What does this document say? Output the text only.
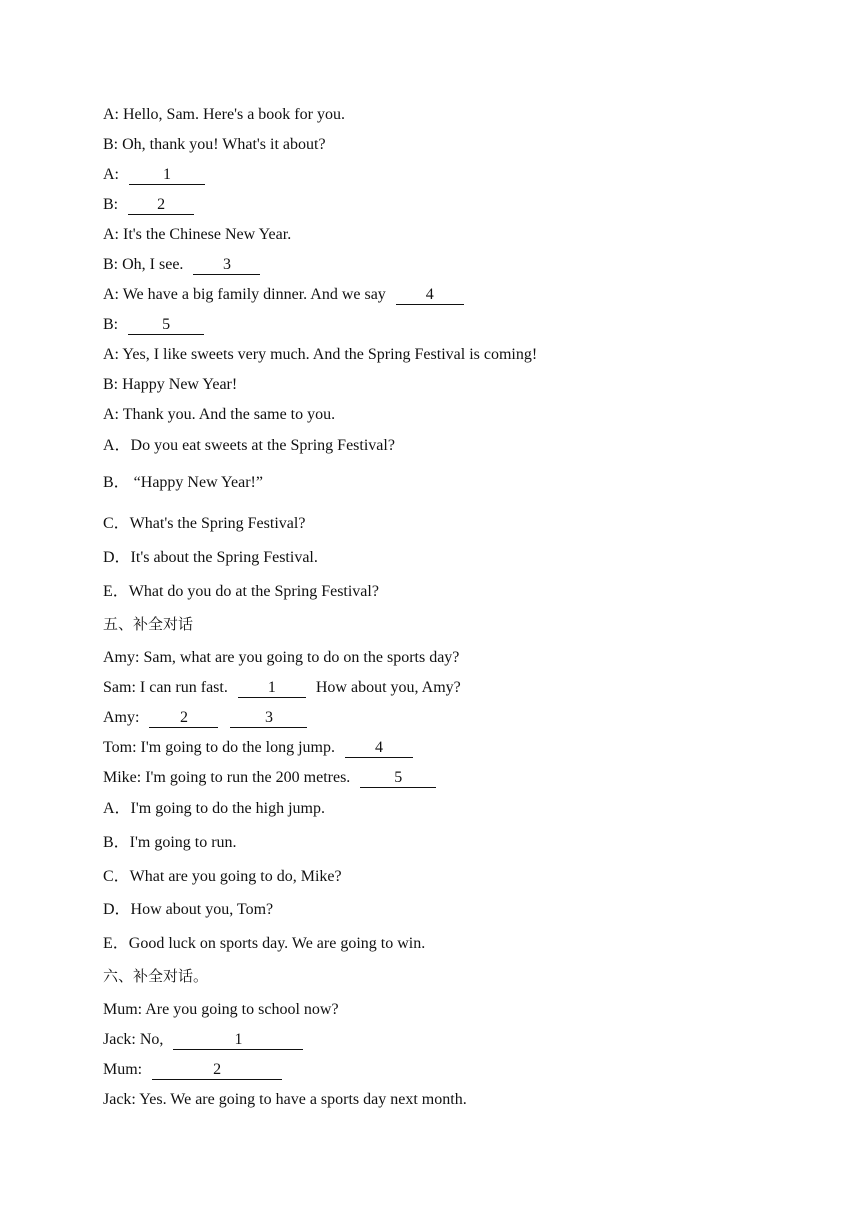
A: Hello, Sam. Here's a book for you.
B: Oh, thank you! What's it about?
A:	1
B: 2
A: It's the Chinese New Year.
B: Oh, I see. 3
A: We have a big family dinner. And we say	4
B:	5
A: Yes, I like sweets very much. And the Spring Festival is coming!
B: Happy New Year!
A: Thank you. And the same to you.
A．Do you eat sweets at the Spring Festival?
B． “Happy New Year!”
C．What's the Spring Festival?
D．It's about the Spring Festival.
E．What do you do at the Spring Festival?
五、补全对话
Amy: Sam, what are you going to do on the sports day?
Sam: I can run fast.	1	How about you, Amy?
Amy:	2	3
Tom: I'm going to do the long jump.	4
Mike: I'm going to run the 200 metres.	5
A．I'm going to do the high jump.
B．I'm going to run.
C．What are you going to do, Mike?
D．How about you, Tom?
E．Good luck on sports day. We are going to win.
六、补全对话。
Mum: Are you going to school now?
Jack: No,	1
Mum:	2
Jack: Yes. We are going to have a sports day next month.
